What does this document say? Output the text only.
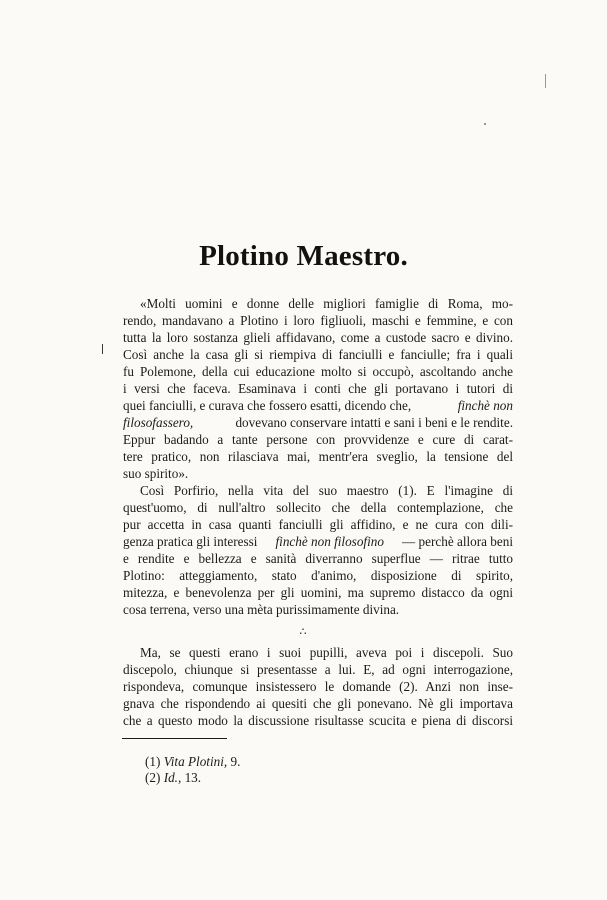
Plotino Maestro.
«Molti uomini e donne delle migliori famiglie di Roma, mo-
rendo, mandavano a Plotino i loro figliuoli, maschi e femmine, e con
tutta la loro sostanza glieli affidavano, come a custode sacro e divino.
Così anche la casa gli si riempiva di fanciulli e fanciulle; fra i quali
fu Polemone, della cui educazione molto si occupò, ascoltando anche
i versi che faceva. Esaminava i conti che gli portavano i tutori di
quei fanciulli, e curava che fossero esatti, dicendo che,	finchè non
filosofassero,	dovevano conservare intatti e sani i beni e le rendite.
Eppur badando a tante persone con provvidenze e cure di carat-
tere pratico, non rilasciava mai, mentr'era sveglio, la tensione del
suo spirito».
Così Porfirio, nella vita del suo maestro (1). E l'imagine di
quest'uomo, di null'altro sollecito che della contemplazione, che
pur accetta in casa quanti fanciulli gli affidino, e ne cura con dili-
genza pratica gli interessi finchè non filosofino — perchè allora beni
e rendite e bellezza e sanità diverranno superflue — ritrae tutto
Plotino: atteggiamento, stato d'animo, disposizione di spirito,
mitezza, e benevolenza per gli uomini, ma supremo distacco da ogni
cosa terrena, verso una mèta purissimamente divina.
∴
Ma, se questi erano i suoi pupilli, aveva poi i discepoli. Suo
discepolo, chiunque si presentasse a lui. E, ad ogni interrogazione,
rispondeva, comunque insistessero le domande (2). Anzi non inse-
gnava che rispondendo ai quesiti che gli ponevano. Nè gli importava
che a questo modo la discussione risultasse scucita e piena di discorsi
(1) Vita Plotini, 9.
(2) Id., 13.
